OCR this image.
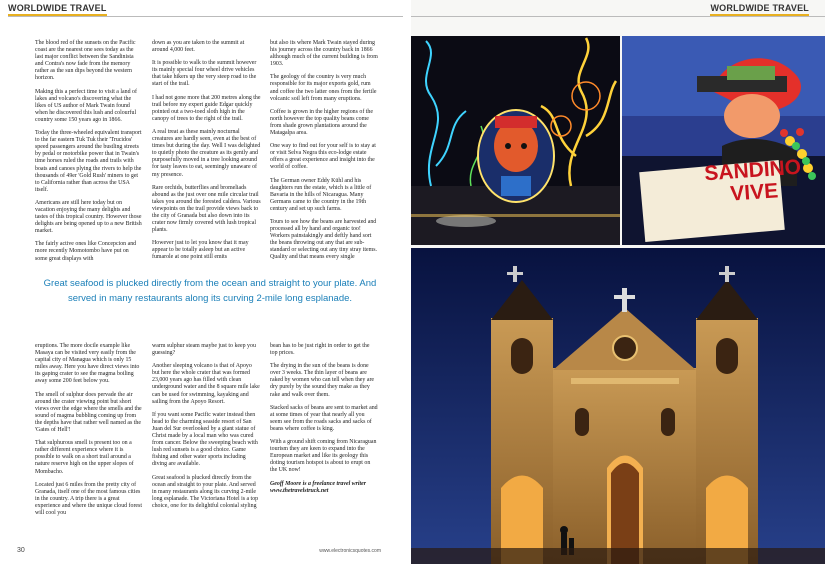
WORLDWIDE TRAVEL

The blood red of the sunsets on the Pacific coast are the nearest one sees today as the last major conflict between the Sandinista and Contra's now fade from the memory rather as the sun dips beyond the western horizon.

Making this a perfect time to visit a land of lakes and volcano's discovering what the likes of US author of Mark Twain found when he discovered this lush and colourful country some 150 years ago in 1866.

Today the three-wheeled equivalent transport to the far eastern Tuk Tuk their 'Trucidos' speed passengers around the bustling streets by pedal or motorbike power that in Twain's time horses ruled the roads and trails with boats and canoes plying the rivers to help the thousands of 49er 'Gold Rush' miners to get to California rather than across the USA itself.

Americans are still here today but on vacation enjoying the many delights and tastes of this tropical country. However those delights are being opened up to a new British market.

The fairly active ones like Concepcion and more recently Momotombo have put on some great displays with

down as you are taken to the summit at around 4,000 feet.

It is possible to walk to the summit however its mainly special four wheel drive vehicles that take hikers up the very steep road to the start of the trail.

I had not gone more that 200 metres along the trail before my expert guide Edgar quickly pointed out a two-toed sloth high in the canopy of trees to the right of the trail.

A real treat as these mainly nocturnal creatures are hardly seen, even at the best of times but during the day. Well I was delighted to quietly photo the creature as its gently and purposefully moved in a tree looking around for tasty leaves to eat, seemingly unaware of my presence.

Rare orchids, butterflies and bromeliads abound as the just over one mile circular trail takes you around the forested caldera. Various viewpoints on the trail provide views back to the city of Granada but also down into its crater now firmly covered with lush tropical plants.

However just to let you know that it may appear to be totally asleep but an active fumarole at one point still emits

but also its where Mark Twain stayed during his journey across the country back in 1866 although much of the current building is from 1903.

The geology of the country is very much responsible for its major exports gold, rum and coffee the two latter ones from the fertile volcanic soil left from many eruptions.

Coffee is grown in the higher regions of the north however the top quality beans come from shade grown plantations around the Matagalpa area.

One way to find out for your self is to stay at or visit Selva Negra this eco-lodge estate offers a great experience and insight into the world of coffee.

The German owner Eddy Kühl and his daughters run the estate, which is a little of Bavaria in the hills of Nicaragua. Many Germans came to the country in the 19th century and set up such farms.

Tours to see how the beans are harvested and processed all by hand and organic too! Workers painstakingly and deftly hand sort the beans throwing out any that are sub-standard or selecting out any tiny stray items. Quality and that means every single

Great seafood is plucked directly from the ocean and straight to your plate. And served in many restaurants along its curving 2-mile long esplanade.

eruptions. The more docile example like Masaya can be visited very easily from the capital city of Managua which is only 15 miles away. Here you have direct views into its gaping crater to see the magma boiling away some 200 feet below you.

The smell of sulphur does pervade the air around the crater viewing point but short views over the edge where the smells and the sound of magma bubbling coming up from the depths have that rather well named as the 'Gates of Hell'!

That sulphurous smell is present too on a rather different experience where it is possible to walk on a short trail around a nature reserve high on the upper slopes of Mombacho.

Located just 6 miles from the pretty city of Granada, itself one of the most famous cities in the country. A trip there is a great experience and where the unique cloud forest will cool you

warm sulphur steam maybe just to keep you guessing?

Another sleeping volcano is that of Apoyo but here the whole crater that was formed 23,000 years ago has filled with clean underground water and the 8 square mile lake can be used for swimming, kayaking and sailing from the Apoyo Resort.

If you want some Pacific water instead then head to the charming seaside resort of San Juan del Sur overlooked by a giant statue of Christ made by a local man who was cured from cancer. Below the sweeping beach with lush red sunsets is a good choice. Game fishing and other water sports including diving are available.

Great seafood is plucked directly from the ocean and straight to your plate. And served in many restaurants along its curving 2-mile long esplanade. The Victoriana Hotel is a top choice, one for its delightful colonial styling

bean has to be just right in order to get the top prices.

The drying in the sun of the beans is done over 3 weeks. The thin layer of beans are raked by women who can tell when they are dry purely by the sound they make as they rake and walk over them.

Stacked sacks of beans are sent to market and at some times of year that nearly all you seem see from the roads sacks and sacks of beans where coffee is king.

With a ground shift coming from Nicaraguan tourism they are keen to expand into the European market and like its geology this doting tourism hotspot is about to erupt on the UK now!

Geoff Moore is a freelance travel writer www.thetravelstruck.net

30	www.electronicsquotes.com
WORLDWIDE TRAVEL
SANDINO VIVE
